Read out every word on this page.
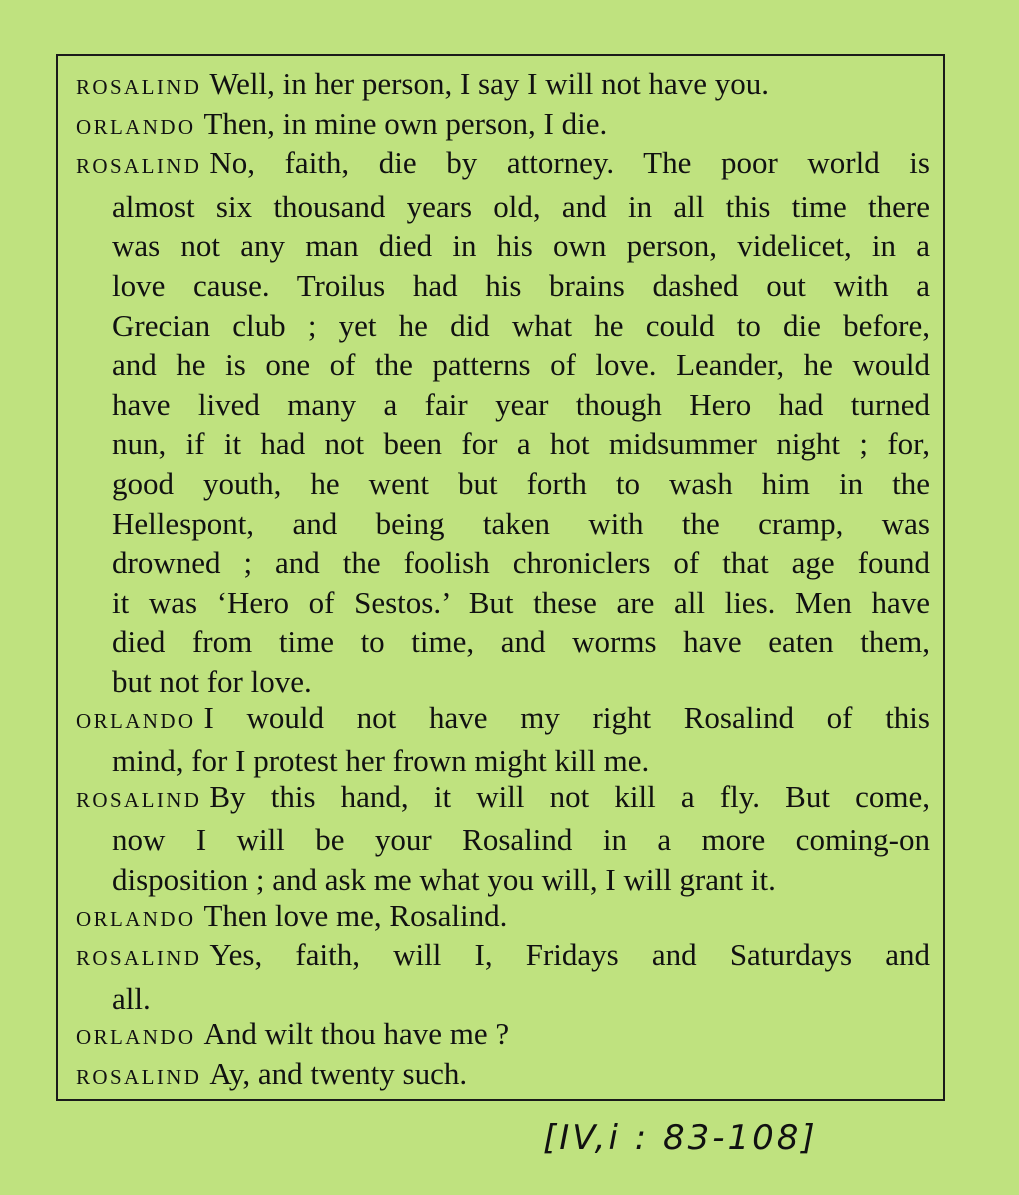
ROSALIND Well, in her person, I say I will not have you.
ORLANDO Then, in mine own person, I die.
ROSALIND No, faith, die by attorney. The poor world is
almost six thousand years old, and in all this time there
was not any man died in his own person, videlicet, in a
love cause. Troilus had his brains dashed out with a
Grecian club ; yet he did what he could to die before,
and he is one of the patterns of love. Leander, he would
have lived many a fair year though Hero had turned
nun, if it had not been for a hot midsummer night ; for,
good youth, he went but forth to wash him in the
Hellespont, and being taken with the cramp, was
drowned ; and the foolish chroniclers of that age found
it was ‘Hero of Sestos.’ But these are all lies. Men have
died from time to time, and worms have eaten them,
but not for love.
ORLANDO I would not have my right Rosalind of this
mind, for I protest her frown might kill me.
ROSALIND By this hand, it will not kill a fly. But come,
now I will be your Rosalind in a more coming-on
disposition ; and ask me what you will, I will grant it.
ORLANDO Then love me, Rosalind.
ROSALIND Yes, faith, will I, Fridays and Saturdays and
all.
ORLANDO And wilt thou have me ?
ROSALIND Ay, and twenty such.
[IV,i : 83-108]
